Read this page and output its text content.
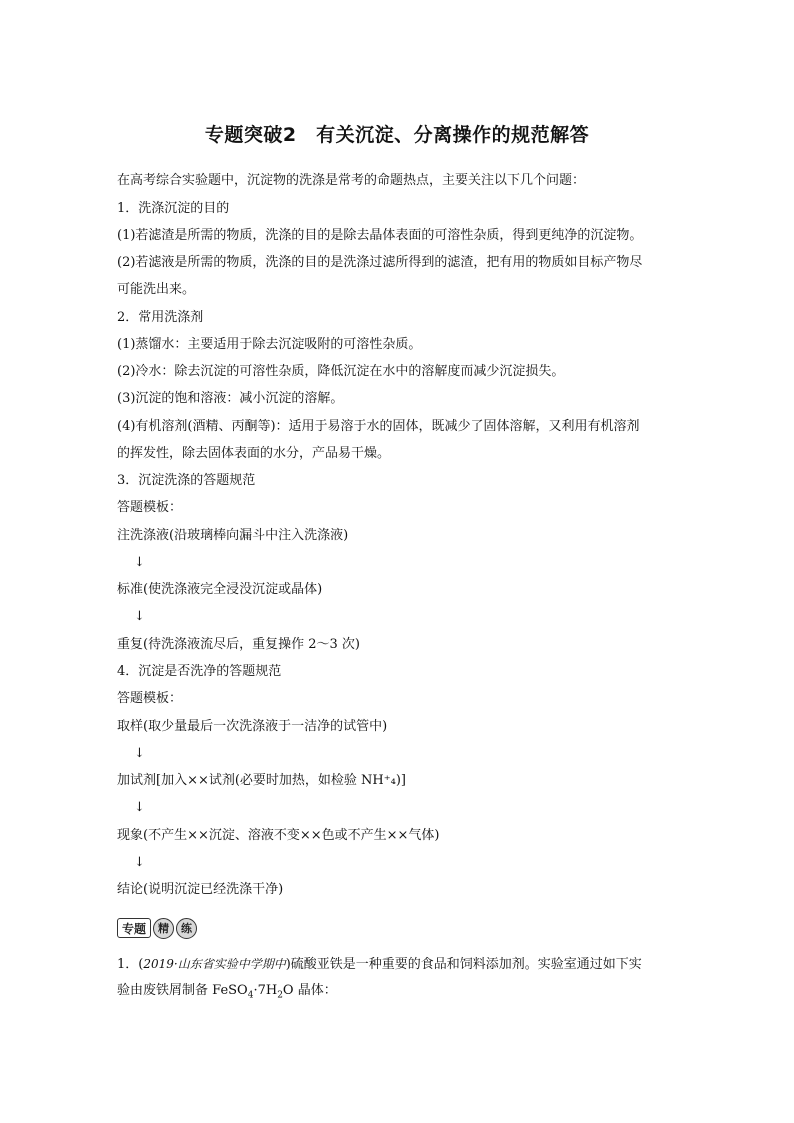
专题突破2　有关沉淀、分离操作的规范解答
在高考综合实验题中，沉淀物的洗涤是常考的命题热点，主要关注以下几个问题：
1．洗涤沉淀的目的
(1)若滤渣是所需的物质，洗涤的目的是除去晶体表面的可溶性杂质，得到更纯净的沉淀物。
(2)若滤液是所需的物质，洗涤的目的是洗涤过滤所得到的滤渣，把有用的物质如目标产物尽
可能洗出来。
2．常用洗涤剂
(1)蒸馏水：主要适用于除去沉淀吸附的可溶性杂质。
(2)冷水：除去沉淀的可溶性杂质，降低沉淀在水中的溶解度而减少沉淀损失。
(3)沉淀的饱和溶液：减小沉淀的溶解。
(4)有机溶剂(酒精、丙酮等)：适用于易溶于水的固体，既减少了固体溶解，又利用有机溶剂
的挥发性，除去固体表面的水分，产品易干燥。
3．沉淀洗涤的答题规范
答题模板：
注洗涤液(沿玻璃棒向漏斗中注入洗涤液)
↓
标准(使洗涤液完全浸没沉淀或晶体)
↓
重复(待洗涤液流尽后，重复操作 2～3 次)
4．沉淀是否洗净的答题规范
答题模板：
取样(取少量最后一次洗涤液于一洁净的试管中)
↓
加试剂[加入××试剂(必要时加热，如检验 NH⁺₄)]
↓
现象(不产生××沉淀、溶液不变××色或不产生××气体)
↓
结论(说明沉淀已经洗涤干净)
专题	精	练
1．(2019·山东省实验中学期中)硫酸亚铁是一种重要的食品和饲料添加剂。实验室通过如下实
验由废铁屑制备 $FeSO_4\cdot 7H_2O$ 晶体：
